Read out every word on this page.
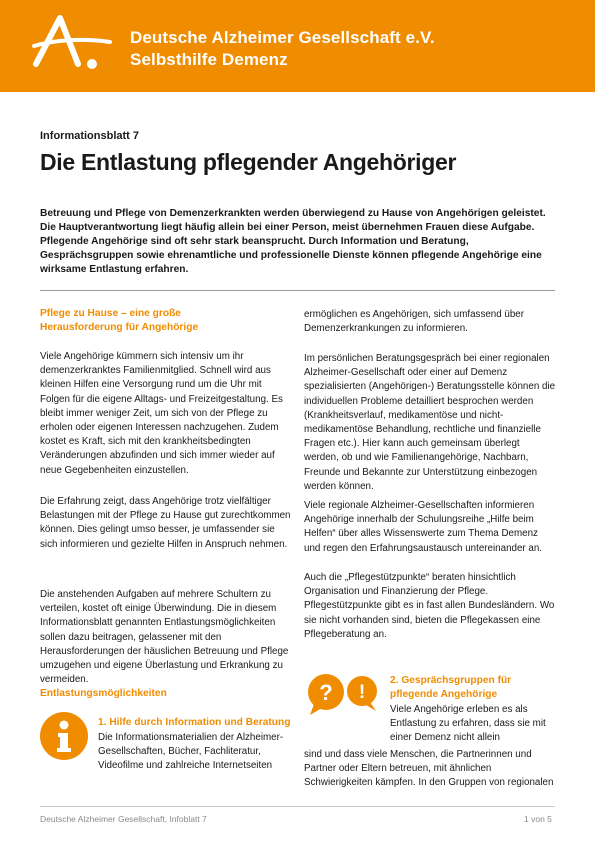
Deutsche Alzheimer Gesellschaft e.V.
Selbsthilfe Demenz
Informationsblatt 7
Die Entlastung pflegender Angehöriger
Betreuung und Pflege von Demenzerkrankten werden überwiegend zu Hause von Angehörigen geleistet. Die Hauptverantwortung liegt häufig allein bei einer Person, meist übernehmen Frauen diese Aufgabe. Pflegende Angehörige sind oft sehr stark beansprucht. Durch Information und Beratung, Gesprächsgruppen sowie ehrenamtliche und professionelle Dienste können pflegende Angehörige eine wirksame Entlastung erfahren.
Pflege zu Hause – eine große Herausforderung für Angehörige
Viele Angehörige kümmern sich intensiv um ihr demenzerkranktes Familienmitglied. Schnell wird aus kleinen Hilfen eine Versorgung rund um die Uhr mit Folgen für die eigene Alltags- und Freizeitgestaltung. Es bleibt immer weniger Zeit, um sich von der Pflege zu erholen oder eigenen Interessen nachzugehen. Zudem kostet es Kraft, sich mit den krankheitsbedingten Veränderungen abzufinden und sich immer wieder auf neue Gegebenheiten einzustellen.
Die Erfahrung zeigt, dass Angehörige trotz vielfältiger Belastungen mit der Pflege zu Hause gut zurechtkommen können. Dies gelingt umso besser, je umfassender sie sich informieren und gezielte Hilfen in Anspruch nehmen.
Die anstehenden Aufgaben auf mehrere Schultern zu verteilen, kostet oft einige Überwindung. Die in diesem Informationsblatt genannten Entlastungsmöglichkeiten sollen dazu beitragen, gelassener mit den Herausforderungen der häuslichen Betreuung und Pflege umzugehen und eigene Überlastung und Erkrankung zu vermeiden.
Entlastungsmöglichkeiten
1. Hilfe durch Information und Beratung
Die Informationsmaterialien der Alzheimer-Gesellschaften, Bücher, Fachliteratur, Videofilme und zahlreiche Internetseiten
ermöglichen es Angehörigen, sich umfassend über Demenzerkrankungen zu informieren.
Im persönlichen Beratungsgespräch bei einer regionalen Alzheimer-Gesellschaft oder einer auf Demenz spezialisierten (Angehörigen-) Beratungsstelle können die individuellen Probleme detailliert besprochen werden (Krankheitsverlauf, medikamentöse und nicht-medikamentöse Behandlung, rechtliche und finanzielle Fragen etc.). Hier kann auch gemeinsam überlegt werden, ob und wie Familienangehörige, Nachbarn, Freunde und Bekannte zur Unterstützung einbezogen werden können.
Viele regionale Alzheimer-Gesellschaften informieren Angehörige innerhalb der Schulungsreihe „Hilfe beim Helfen“ über alles Wissenswerte zum Thema Demenz und regen den Erfahrungsaustausch untereinander an.
Auch die „Pflegestützpunkte“ beraten hinsichtlich Organisation und Finanzierung der Pflege. Pflegestützpunkte gibt es in fast allen Bundesländern. Wo sie nicht vorhanden sind, bieten die Pflegekassen eine Pflegeberatung an.
? !
2. Gesprächsgruppen für pflegende Angehörige
Viele Angehörige erleben es als Entlastung zu erfahren, dass sie mit einer Demenz nicht allein
sind und dass viele Menschen, die Partnerinnen und Partner oder Eltern betreuen, mit ähnlichen Schwierigkeiten kämpfen. In den Gruppen von regionalen
Deutsche Alzheimer Gesellschaft, Infoblatt 7	1 von 5
